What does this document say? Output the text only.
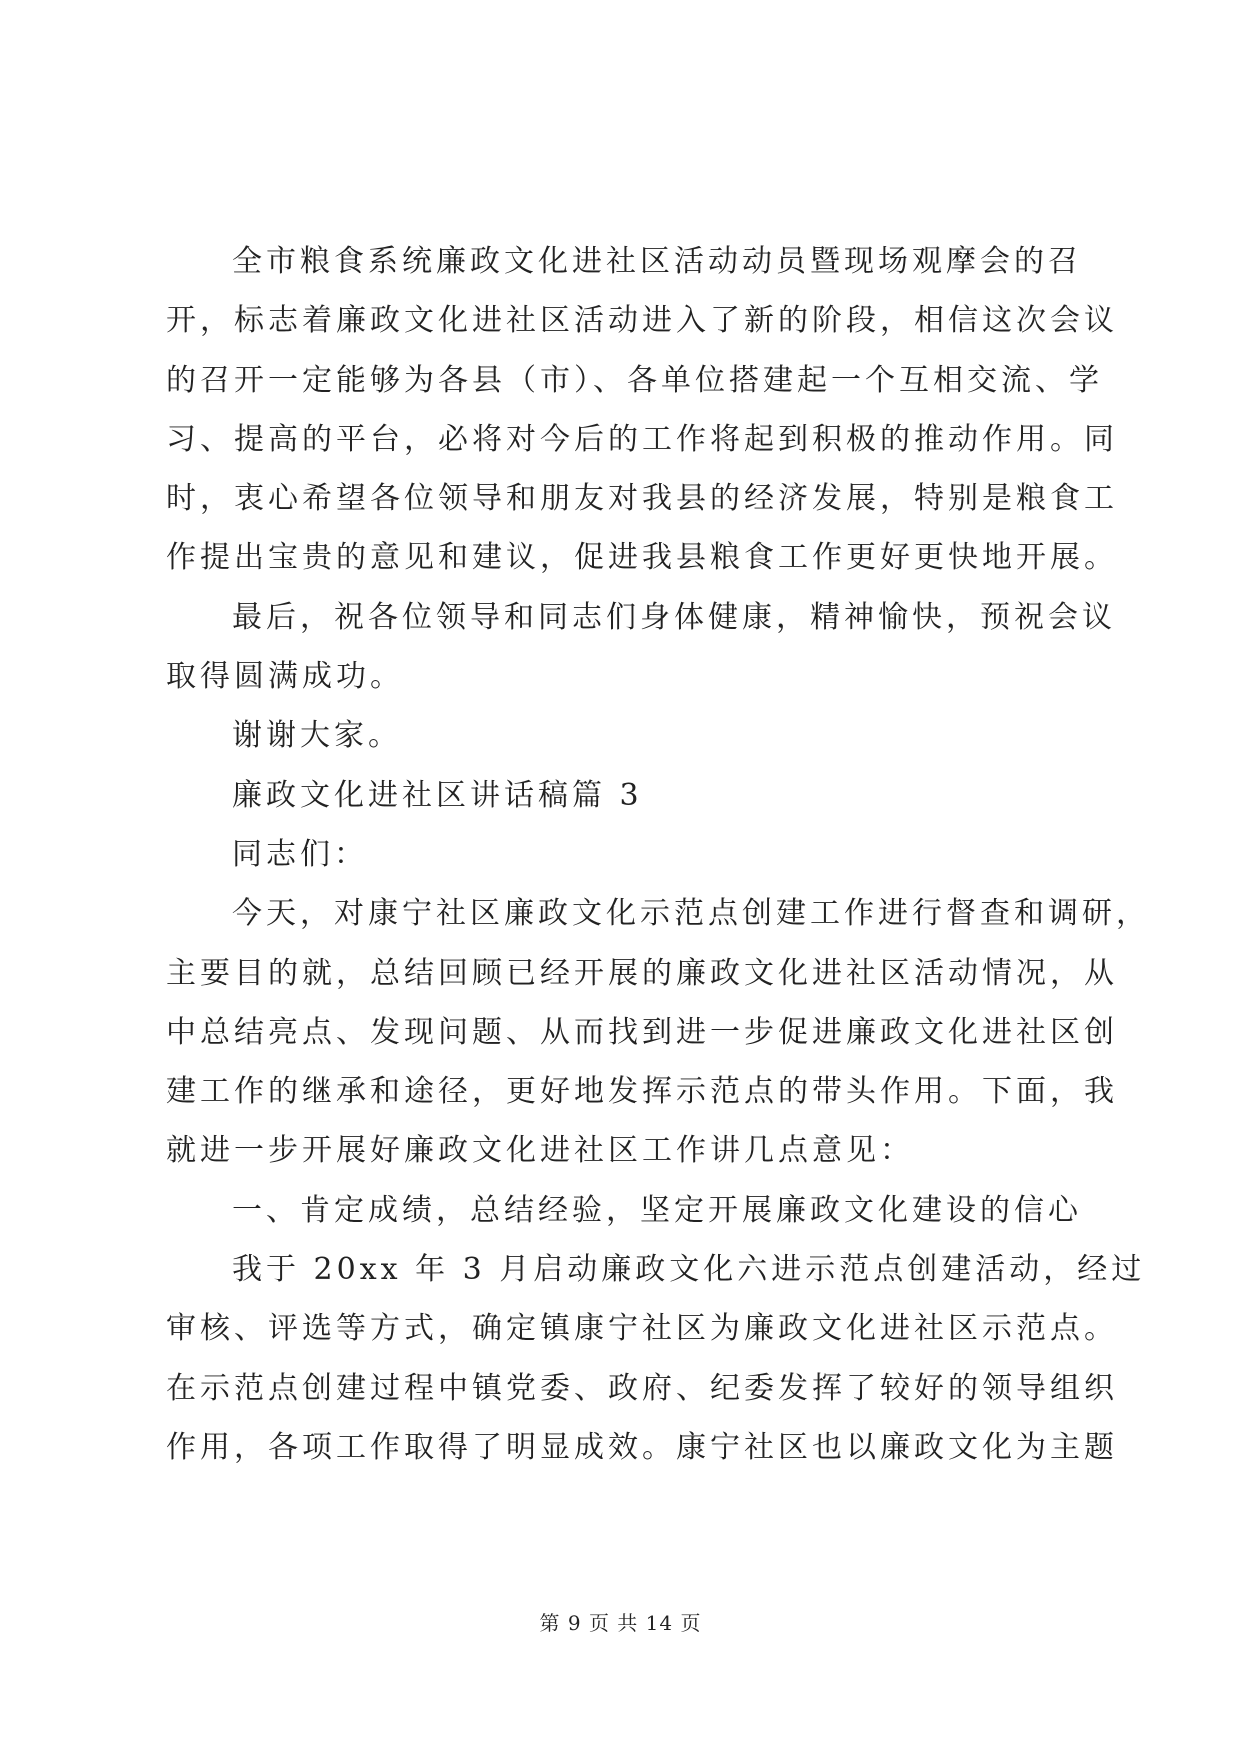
全市粮食系统廉政文化进社区活动动员暨现场观摩会的召
开，标志着廉政文化进社区活动进入了新的阶段，相信这次会议
的召开一定能够为各县（市）、各单位搭建起一个互相交流、学
习、提高的平台，必将对今后的工作将起到积极的推动作用。同
时，衷心希望各位领导和朋友对我县的经济发展，特别是粮食工
作提出宝贵的意见和建议，促进我县粮食工作更好更快地开展。
最后，祝各位领导和同志们身体健康，精神愉快，预祝会议
取得圆满成功。
谢谢大家。
廉政文化进社区讲话稿篇 3
同志们：
今天，对康宁社区廉政文化示范点创建工作进行督查和调研，
主要目的就，总结回顾已经开展的廉政文化进社区活动情况，从
中总结亮点、发现问题、从而找到进一步促进廉政文化进社区创
建工作的继承和途径，更好地发挥示范点的带头作用。下面，我
就进一步开展好廉政文化进社区工作讲几点意见：
一、肯定成绩，总结经验，坚定开展廉政文化建设的信心
我于 20xx 年 3 月启动廉政文化六进示范点创建活动，经过
审核、评选等方式，确定镇康宁社区为廉政文化进社区示范点。
在示范点创建过程中镇党委、政府、纪委发挥了较好的领导组织
作用，各项工作取得了明显成效。康宁社区也以廉政文化为主题
第 9 页 共 14 页
